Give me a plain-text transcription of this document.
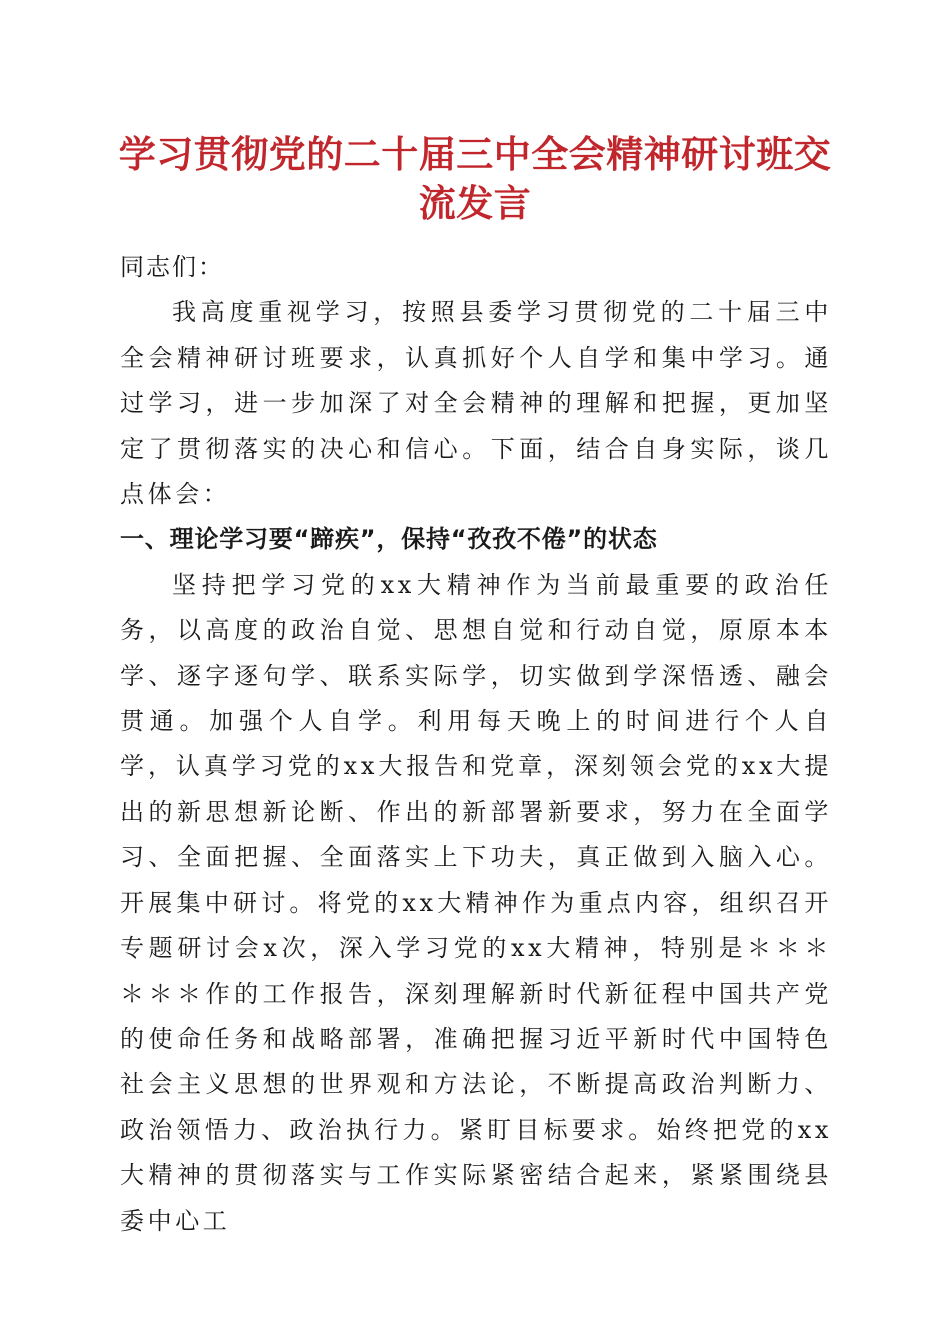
学习贯彻党的二十届三中全会精神研讨班交流发言

同志们：

我高度重视学习，按照县委学习贯彻党的二十届三中全会精神研讨班要求，认真抓好个人自学和集中学习。通过学习，进一步加深了对全会精神的理解和把握，更加坚定了贯彻落实的决心和信心。下面，结合自身实际，谈几点体会：

一、理论学习要“蹄疾”，保持“孜孜不倦”的状态

坚持把学习党的xx大精神作为当前最重要的政治任务，以高度的政治自觉、思想自觉和行动自觉，原原本本学、逐字逐句学、联系实际学，切实做到学深悟透、融会贯通。加强个人自学。利用每天晚上的时间进行个人自学，认真学习党的xx大报告和党章，深刻领会党的xx大提出的新思想新论断、作出的新部署新要求，努力在全面学习、全面把握、全面落实上下功夫，真正做到入脑入心。开展集中研讨。将党的xx大精神作为重点内容，组织召开专题研讨会x次，深入学习党的xx大精神，特别是＊＊＊＊＊＊作的工作报告，深刻理解新时代新征程中国共产党的使命任务和战略部署，准确把握习近平新时代中国特色社会主义思想的世界观和方法论，不断提高政治判断力、政治领悟力、政治执行力。紧盯目标要求。始终把党的xx大精神的贯彻落实与工作实际紧密结合起来，紧紧围绕县委中心工
